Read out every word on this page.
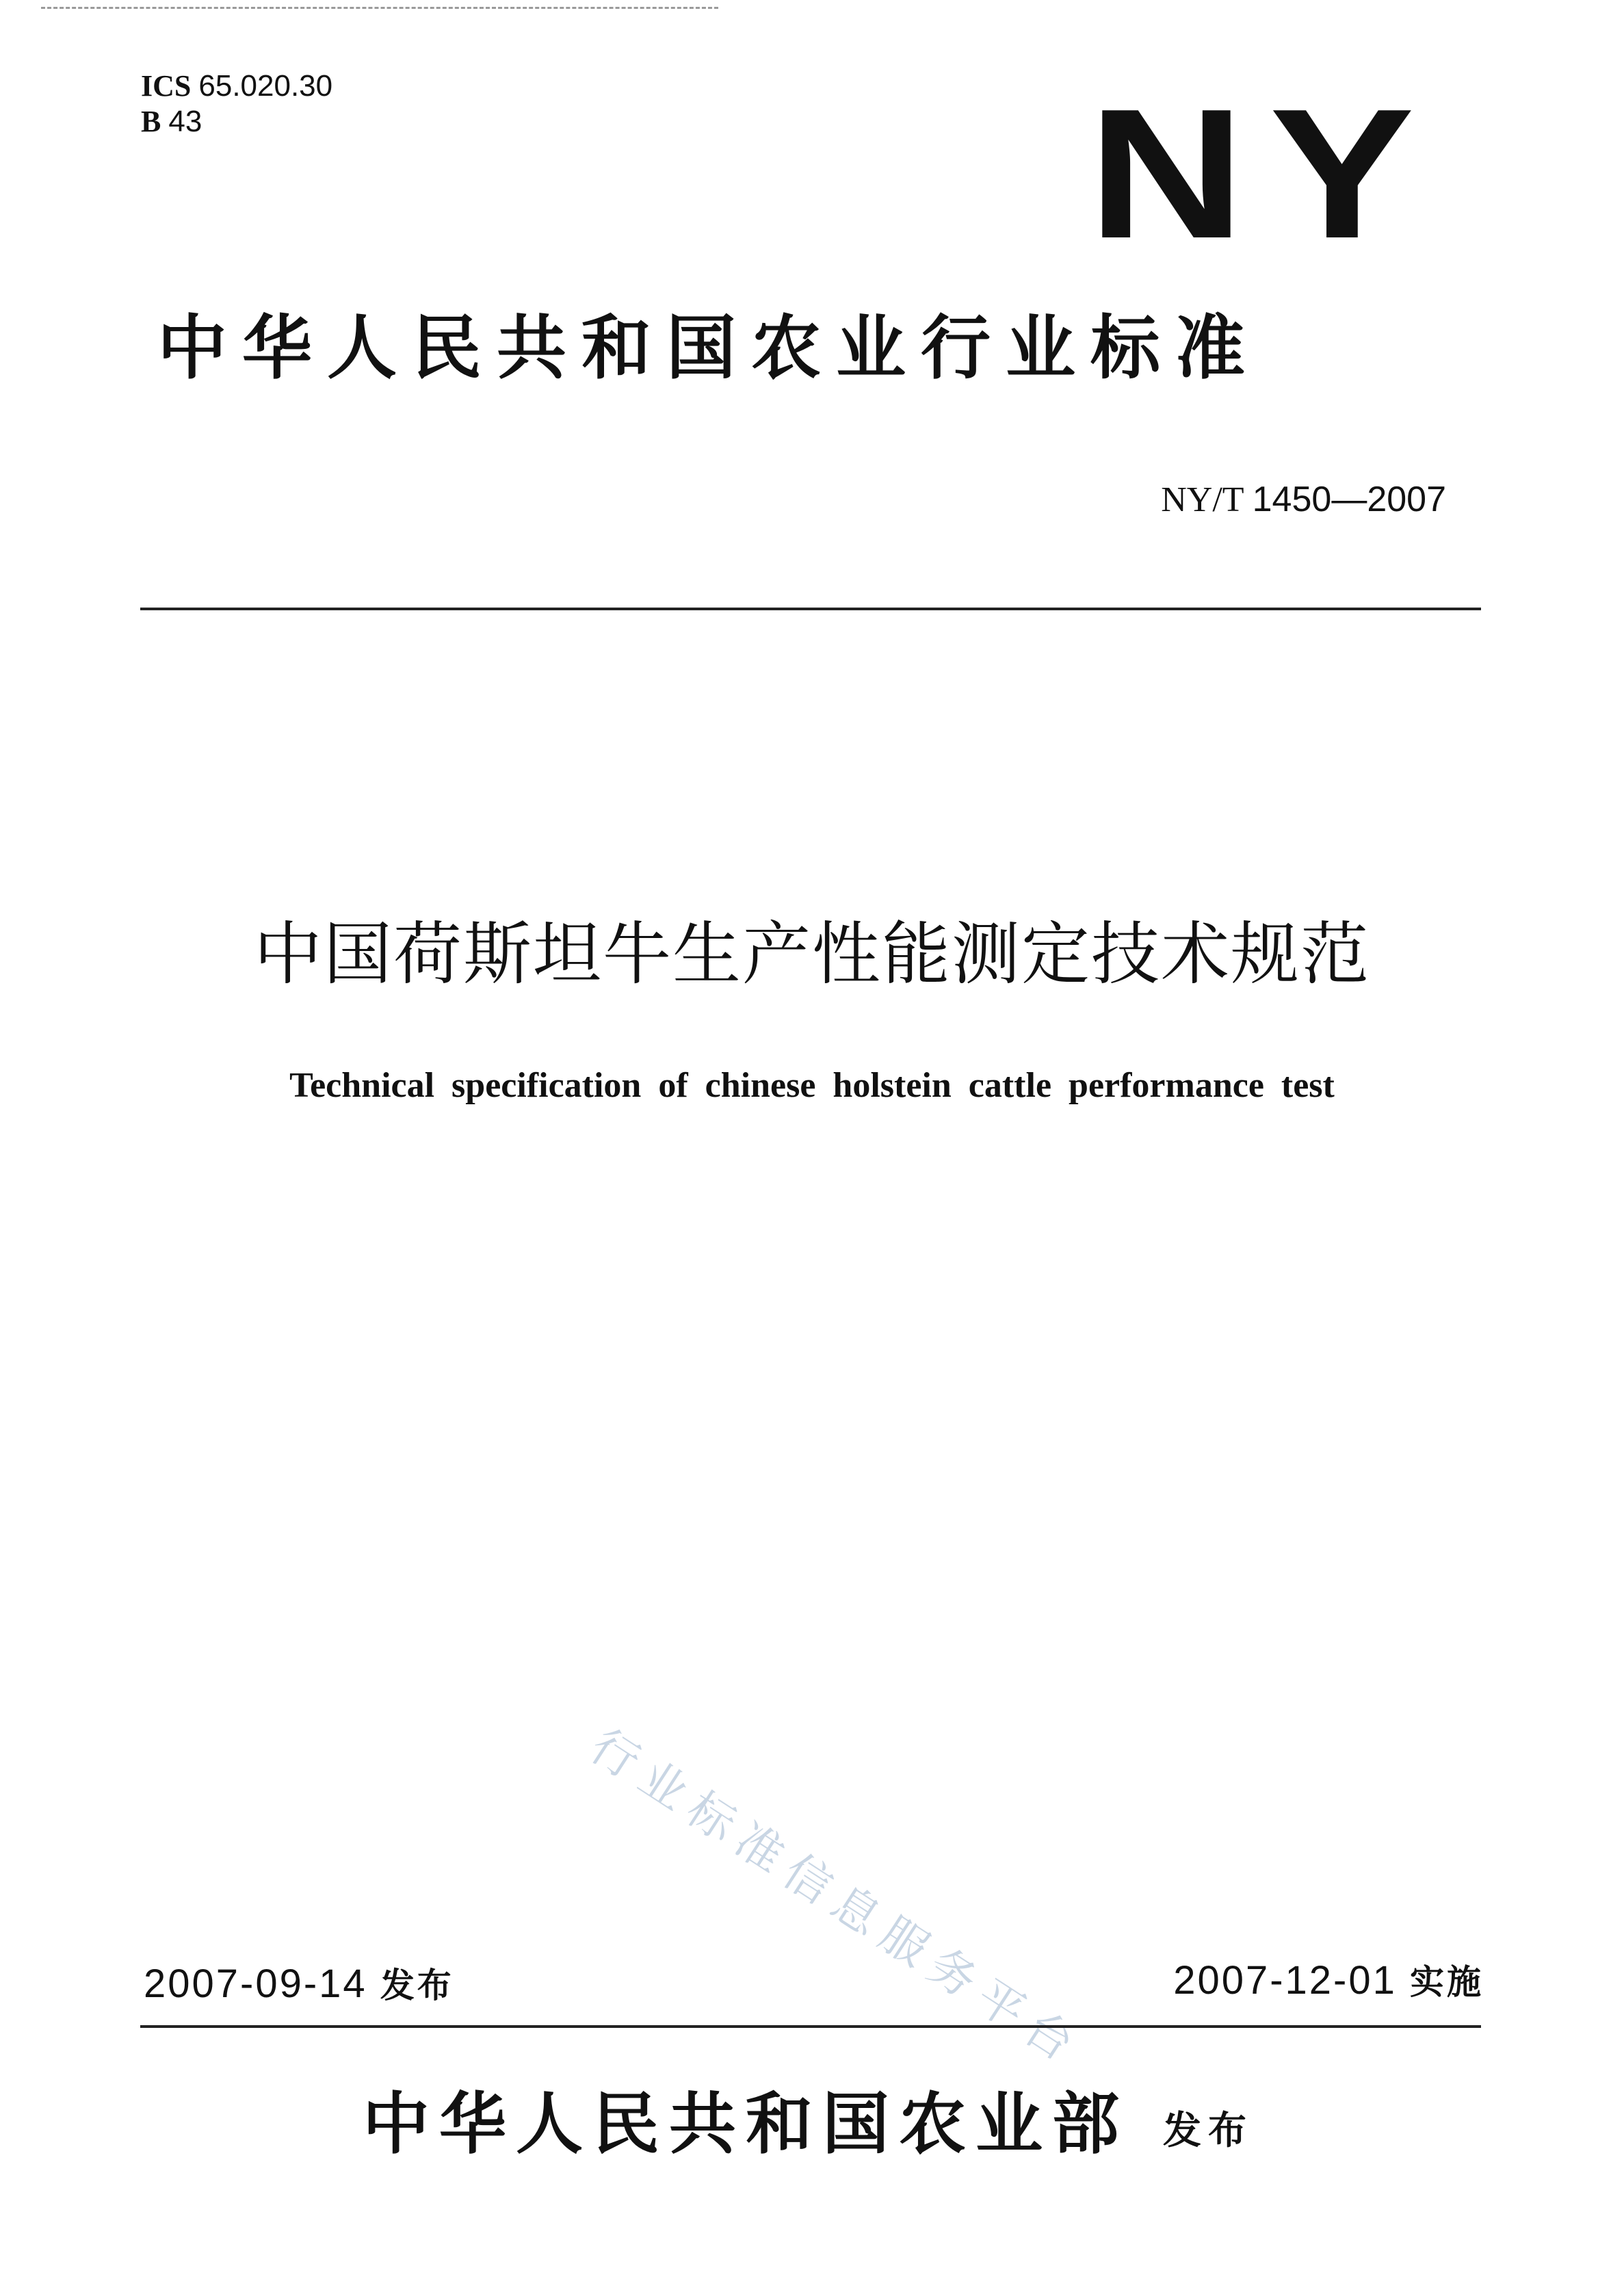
ICS 65.020.30
B 43	NY
中华人民共和国农业行业标准
NY/T 1450—2007
中国荷斯坦牛生产性能测定技术规范
Technical specification of chinese holstein cattle performance test
行业标准信息服务平台
2007-09-14 发布	2007-12-01 实施
中华人民共和国农业部 发布
